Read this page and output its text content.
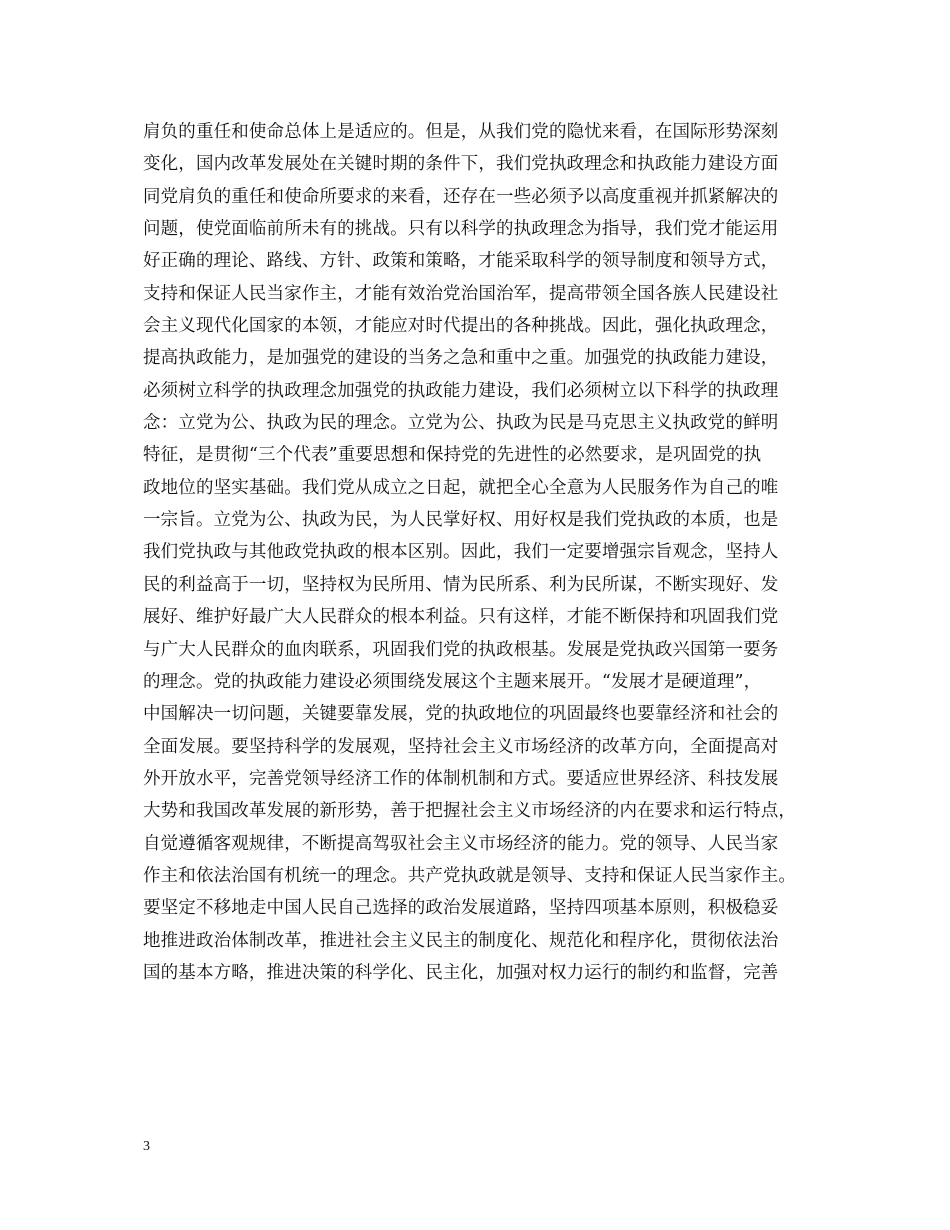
肩负的重任和使命总体上是适应的。但是，从我们党的隐忧来看，在国际形势深刻
变化，国内改革发展处在关键时期的条件下，我们党执政理念和执政能力建设方面
同党肩负的重任和使命所要求的来看，还存在一些必须予以高度重视并抓紧解决的
问题，使党面临前所未有的挑战。只有以科学的执政理念为指导，我们党才能运用
好正确的理论、路线、方针、政策和策略，才能采取科学的领导制度和领导方式，
支持和保证人民当家作主，才能有效治党治国治军，提高带领全国各族人民建设社
会主义现代化国家的本领，才能应对时代提出的各种挑战。因此，强化执政理念，
提高执政能力，是加强党的建设的当务之急和重中之重。加强党的执政能力建设，
必须树立科学的执政理念加强党的执政能力建设，我们必须树立以下科学的执政理
念：立党为公、执政为民的理念。立党为公、执政为民是马克思主义执政党的鲜明
特征，是贯彻“三个代表”重要思想和保持党的先进性的必然要求，是巩固党的执
政地位的坚实基础。我们党从成立之日起，就把全心全意为人民服务作为自己的唯
一宗旨。立党为公、执政为民，为人民掌好权、用好权是我们党执政的本质，也是
我们党执政与其他政党执政的根本区别。因此，我们一定要增强宗旨观念，坚持人
民的利益高于一切，坚持权为民所用、情为民所系、利为民所谋，不断实现好、发
展好、维护好最广大人民群众的根本利益。只有这样，才能不断保持和巩固我们党
与广大人民群众的血肉联系，巩固我们党的执政根基。发展是党执政兴国第一要务
的理念。党的执政能力建设必须围绕发展这个主题来展开。“发展才是硬道理”，
中国解决一切问题，关键要靠发展，党的执政地位的巩固最终也要靠经济和社会的
全面发展。要坚持科学的发展观，坚持社会主义市场经济的改革方向，全面提高对
外开放水平，完善党领导经济工作的体制机制和方式。要适应世界经济、科技发展
大势和我国改革发展的新形势，善于把握社会主义市场经济的内在要求和运行特点，
自觉遵循客观规律，不断提高驾驭社会主义市场经济的能力。党的领导、人民当家
作主和依法治国有机统一的理念。共产党执政就是领导、支持和保证人民当家作主。
要坚定不移地走中国人民自己选择的政治发展道路，坚持四项基本原则，积极稳妥
地推进政治体制改革，推进社会主义民主的制度化、规范化和程序化，贯彻依法治
国的基本方略，推进决策的科学化、民主化，加强对权力运行的制约和监督，完善
3
